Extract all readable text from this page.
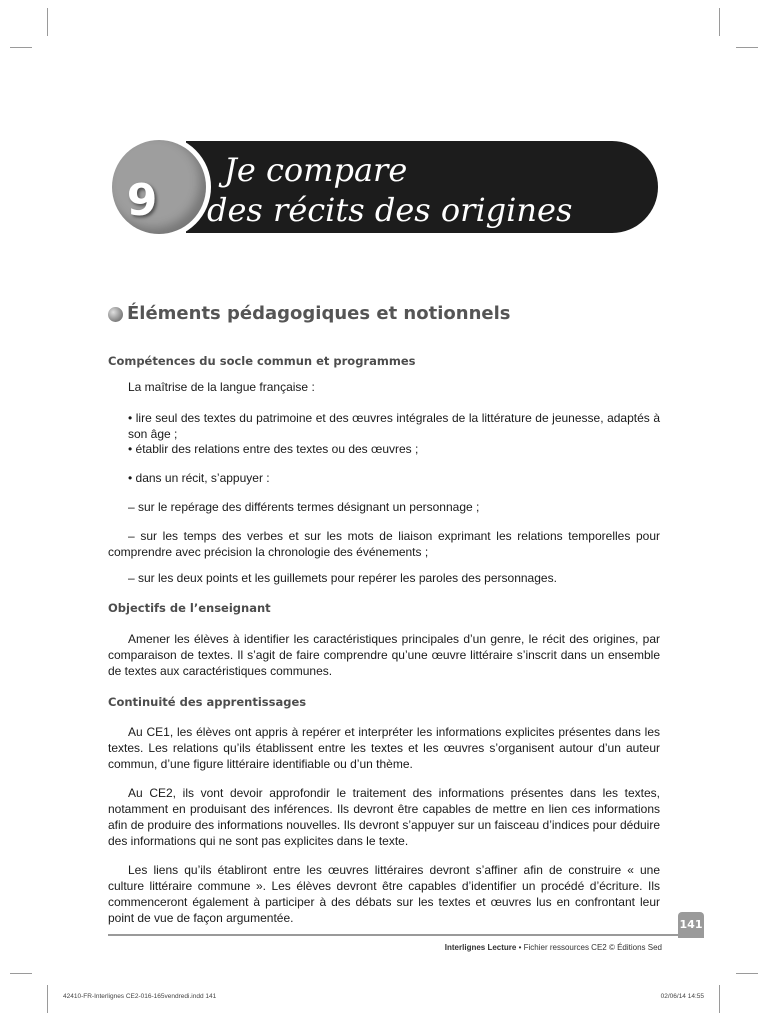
9
Je compare
des récits des origines
Éléments pédagogiques et notionnels
Compétences du socle commun et programmes

La maîtrise de la langue française :

• lire seul des textes du patrimoine et des œuvres intégrales de la littérature de jeunesse, adaptés à son âge ;

• établir des relations entre des textes ou des œuvres ;

• dans un récit, s’appuyer :

– sur le repérage des différents termes désignant un personnage ;

– sur les temps des verbes et sur les mots de liaison exprimant les relations temporelles pour comprendre avec précision la chronologie des événements ;

– sur les deux points et les guillemets pour repérer les paroles des personnages.

Objectifs de l’enseignant

Amener les élèves à identifier les caractéristiques principales d’un genre, le récit des origines, par comparaison de textes. Il s’agit de faire comprendre qu’une œuvre littéraire s’inscrit dans un ensemble de textes aux caractéristiques communes.

Continuité des apprentissages

Au CE1, les élèves ont appris à repérer et interpréter les informations explicites présentes dans les textes. Les relations qu’ils établissent entre les textes et les œuvres s’organisent autour d’un auteur commun, d’une figure littéraire identifiable ou d’un thème.

Au CE2, ils vont devoir approfondir le traitement des informations présentes dans les textes, notamment en produisant des inférences. Ils devront être capables de mettre en lien ces informations afin de produire des informations nouvelles. Ils devront s’appuyer sur un faisceau d’indices pour déduire des informations qui ne sont pas explicites dans le texte.

Les liens qu’ils établiront entre les œuvres littéraires devront s’affiner afin de construire « une culture littéraire commune ». Les élèves devront être capables d’identifier un procédé d’écriture. Ils commenceront également à participer à des débats sur les textes et œuvres lus en confrontant leur point de vue de façon argumentée.	141
Interlignes Lecture • Fichier ressources CE2 © Éditions Sed
42410-FR-Interlignes CE2-016-165vendredi.indd 141	02/06/14 14:55
